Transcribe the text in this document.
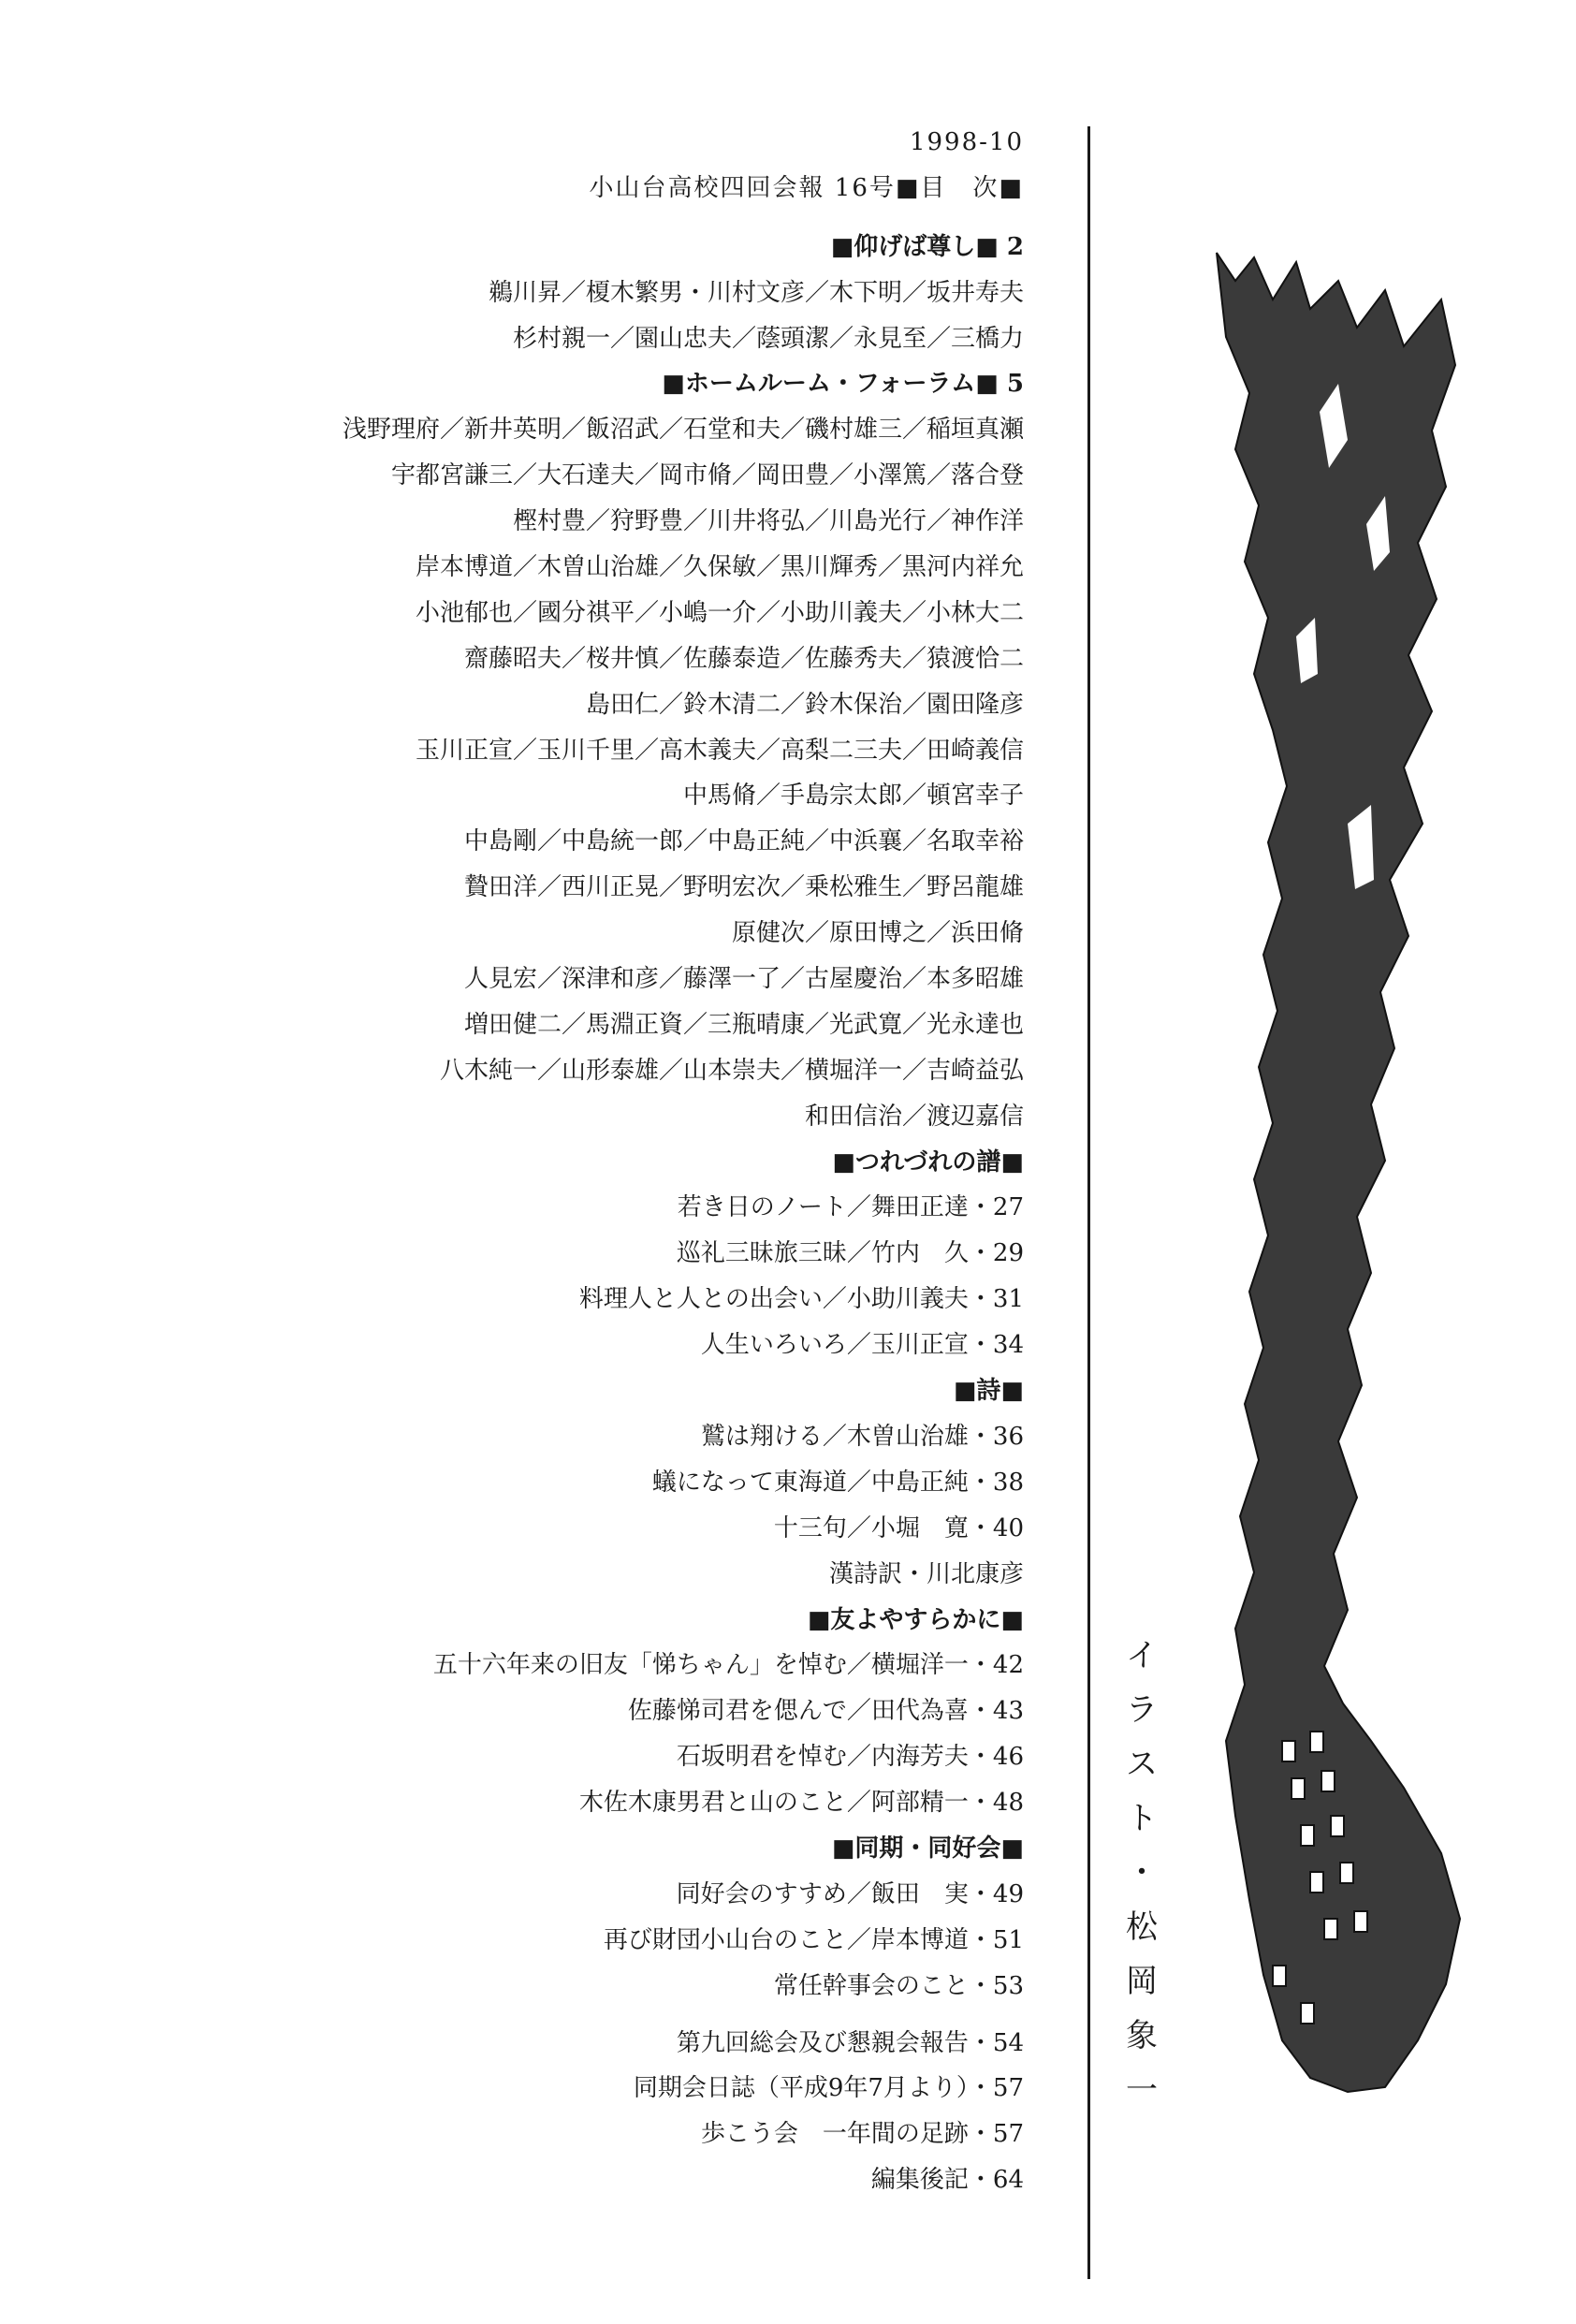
1998-10
小山台高校四回会報 16号■目　次■
■仰げば尊し■ 2
鵜川昇／榎木繁男・川村文彦／木下明／坂井寿夫
杉村親一／園山忠夫／蔭頭潔／永見至／三橋力
■ホームルーム・フォーラム■ 5
浅野理府／新井英明／飯沼武／石堂和夫／磯村雄三／稲垣真瀬
宇都宮謙三／大石達夫／岡市脩／岡田豊／小澤篤／落合登
樫村豊／狩野豊／川井将弘／川島光行／神作洋
岸本博道／木曽山治雄／久保敏／黒川輝秀／黒河内祥允
小池郁也／國分祺平／小嶋一介／小助川義夫／小林大二
齋藤昭夫／桜井慎／佐藤泰造／佐藤秀夫／猿渡恰二
島田仁／鈴木清二／鈴木保治／園田隆彦
玉川正宣／玉川千里／高木義夫／高梨二三夫／田崎義信
中馬脩／手島宗太郎／頓宮幸子
中島剛／中島統一郎／中島正純／中浜襄／名取幸裕
贄田洋／西川正晃／野明宏次／乗松雅生／野呂龍雄
原健次／原田博之／浜田脩
人見宏／深津和彦／藤澤一了／古屋慶治／本多昭雄
増田健二／馬淵正資／三瓶晴康／光武寛／光永達也
八木純一／山形泰雄／山本崇夫／横堀洋一／吉崎益弘
和田信治／渡辺嘉信
■つれづれの譜■
若き日のノート／舞田正達・27
巡礼三昧旅三昧／竹内　久・29
料理人と人との出会い／小助川義夫・31
人生いろいろ／玉川正宣・34
■詩■
鷲は翔ける／木曽山治雄・36
蟻になって東海道／中島正純・38
十三句／小堀　寛・40
漢詩訳・川北康彦
■友よやすらかに■
五十六年来の旧友「悌ちゃん」を悼む／横堀洋一・42
佐藤悌司君を偲んで／田代為喜・43
石坂明君を悼む／内海芳夫・46
木佐木康男君と山のこと／阿部精一・48
■同期・同好会■
同好会のすすめ／飯田　実・49
再び財団小山台のこと／岸本博道・51
常任幹事会のこと・53
第九回総会及び懇親会報告・54
同期会日誌（平成9年7月より）・57
歩こう会　一年間の足跡・57
編集後記・64
イ
ラ
ス
ト
・
松
岡
象
一
